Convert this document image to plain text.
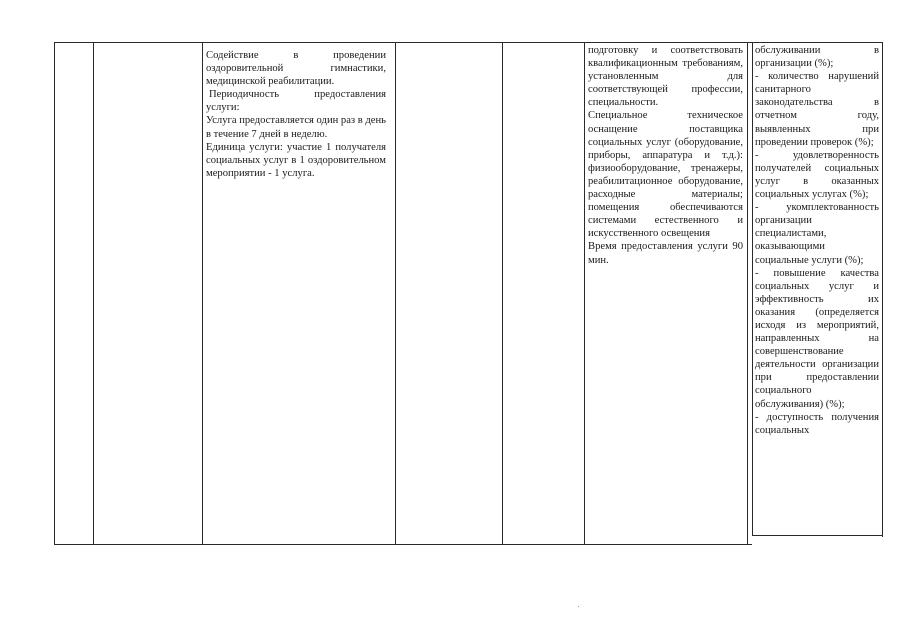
Содействие в проведении оздоровительной гимнастики, медицинской реабилитации.

Периодичность предоставления услуги:

Услуга предоставляется один раз в день в течение 7 дней в неделю.

Единица услуги: участие 1 получателя социальных услуг в 1 оздоровительном мероприятии - 1 услуга.

подготовку и соответствовать квалификационным требованиям, установленным для соответствующей профессии, специальности.

Специальное техническое оснащение поставщика социальных услуг (оборудование, приборы, аппаратура и т.д.): физиооборудование, тренажеры, реабилитационное оборудование, расходные материалы; помещения обеспечиваются системами естественного и искусственного освещения

Время предоставления услуги 90 мин.

обслуживании в организации (%);

- количество нарушений санитарного законодательства в отчетном году, выявленных при проведении проверок (%);

- удовлетворенность получателей социальных услуг в оказанных социальных услугах (%);

- укомплектованность организации специалистами, оказывающими социальные услуги (%);

- повышение качества социальных услуг и эффективность их оказания (определяется исходя из мероприятий, направленных на совершенствование деятельности организации при предоставлении социального обслуживания) (%);

- доступность получения социальных
